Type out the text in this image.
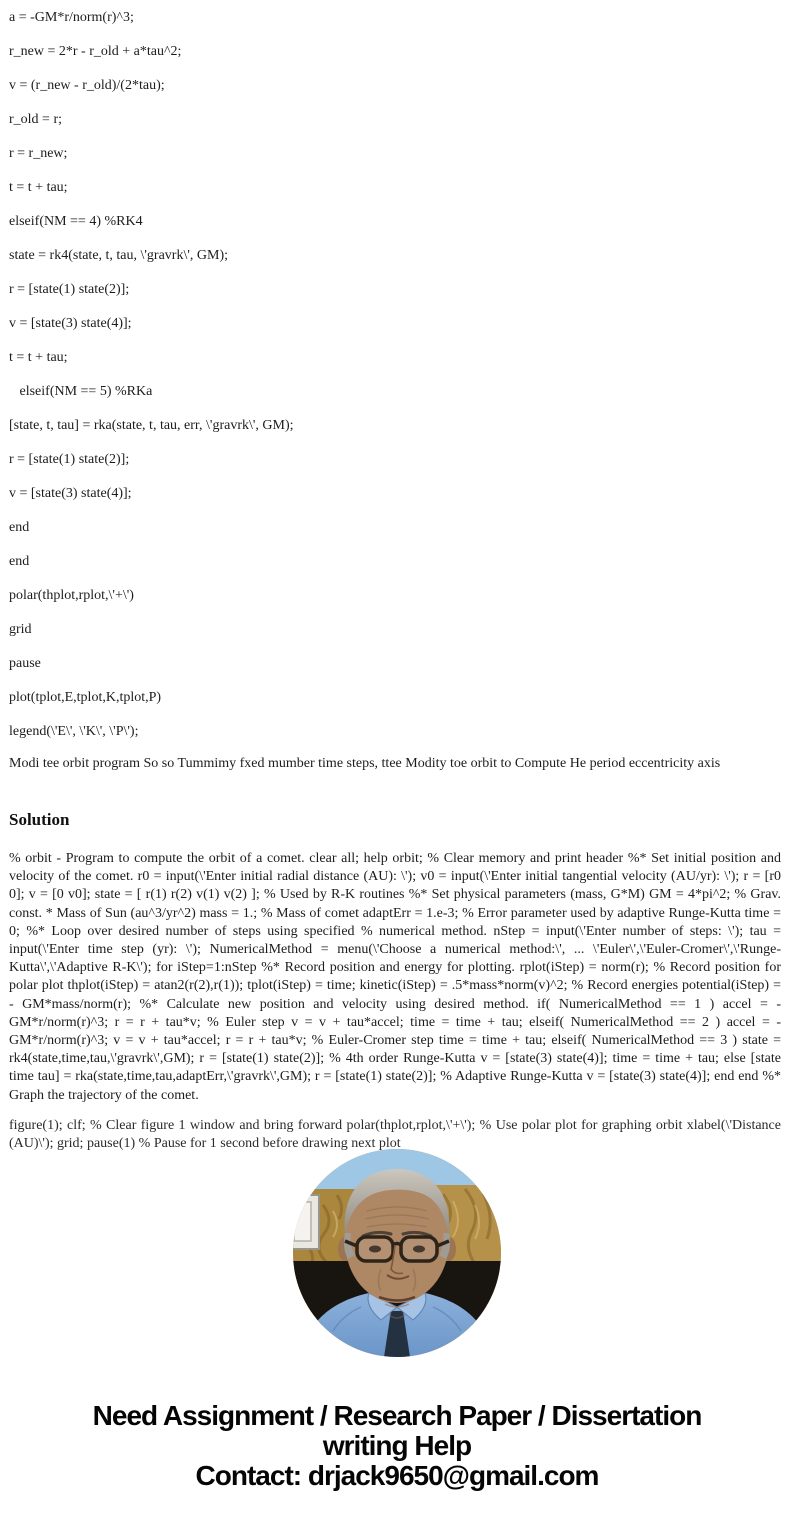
a = -GM*r/norm(r)^3;
r_new = 2*r - r_old + a*tau^2;
v = (r_new - r_old)/(2*tau);
r_old = r;
r = r_new;
t = t + tau;
elseif(NM == 4) %RK4
state = rk4(state, t, tau, \'gravrk\', GM);
r = [state(1) state(2)];
v = [state(3) state(4)];
t = t + tau;
elseif(NM == 5) %RKa
[state, t, tau] = rka(state, t, tau, err, \'gravrk\', GM);
r = [state(1) state(2)];
v = [state(3) state(4)];
end
end
polar(thplot,rplot,\'+\')
grid
pause
plot(tplot,E,tplot,K,tplot,P)
legend(\'E\', \'K\', \'P\');
Modi tee orbit program So so Tummimy fxed mumber time steps, ttee Modity toe orbit to Compute He period eccentricity axis
Solution
% orbit - Program to compute the orbit of a comet. clear all; help orbit; % Clear memory and print header %* Set initial position and velocity of the comet. r0 = input(\'Enter initial radial distance (AU): \'); v0 = input(\'Enter initial tangential velocity (AU/yr): \'); r = [r0 0]; v = [0 v0]; state = [ r(1) r(2) v(1) v(2) ]; % Used by R-K routines %* Set physical parameters (mass, G*M) GM = 4*pi^2; % Grav. const. * Mass of Sun (au^3/yr^2) mass = 1.; % Mass of comet adaptErr = 1.e-3; % Error parameter used by adaptive Runge-Kutta time = 0; %* Loop over desired number of steps using specified % numerical method. nStep = input(\'Enter number of steps: \'); tau = input(\'Enter time step (yr): \'); NumericalMethod = menu(\'Choose a numerical method:\', ... \'Euler\',\'Euler-Cromer\',\'Runge-Kutta\',\'Adaptive R-K\'); for iStep=1:nStep %* Record position and energy for plotting. rplot(iStep) = norm(r); % Record position for polar plot thplot(iStep) = atan2(r(2),r(1)); tplot(iStep) = time; kinetic(iStep) = .5*mass*norm(v)^2; % Record energies potential(iStep) = - GM*mass/norm(r); %* Calculate new position and velocity using desired method. if( NumericalMethod == 1 ) accel = -GM*r/norm(r)^3; r = r + tau*v; % Euler step v = v + tau*accel; time = time + tau; elseif( NumericalMethod == 2 ) accel = -GM*r/norm(r)^3; v = v + tau*accel; r = r + tau*v; % Euler-Cromer step time = time + tau; elseif( NumericalMethod == 3 ) state = rk4(state,time,tau,\'gravrk\',GM); r = [state(1) state(2)]; % 4th order Runge-Kutta v = [state(3) state(4)]; time = time + tau; else [state time tau] = rka(state,time,tau,adaptErr,\'gravrk\',GM); r = [state(1) state(2)]; % Adaptive Runge-Kutta v = [state(3) state(4)]; end end %* Graph the trajectory of the comet.
figure(1); clf; % Clear figure 1 window and bring forward polar(thplot,rplot,\'+\'); % Use polar plot for graphing orbit xlabel(\'Distance (AU)\'); grid; pause(1) % Pause for 1 second before drawing next plot
Need Assignment / Research Paper / Dissertation
writing Help
Contact: drjack9650@gmail.com
